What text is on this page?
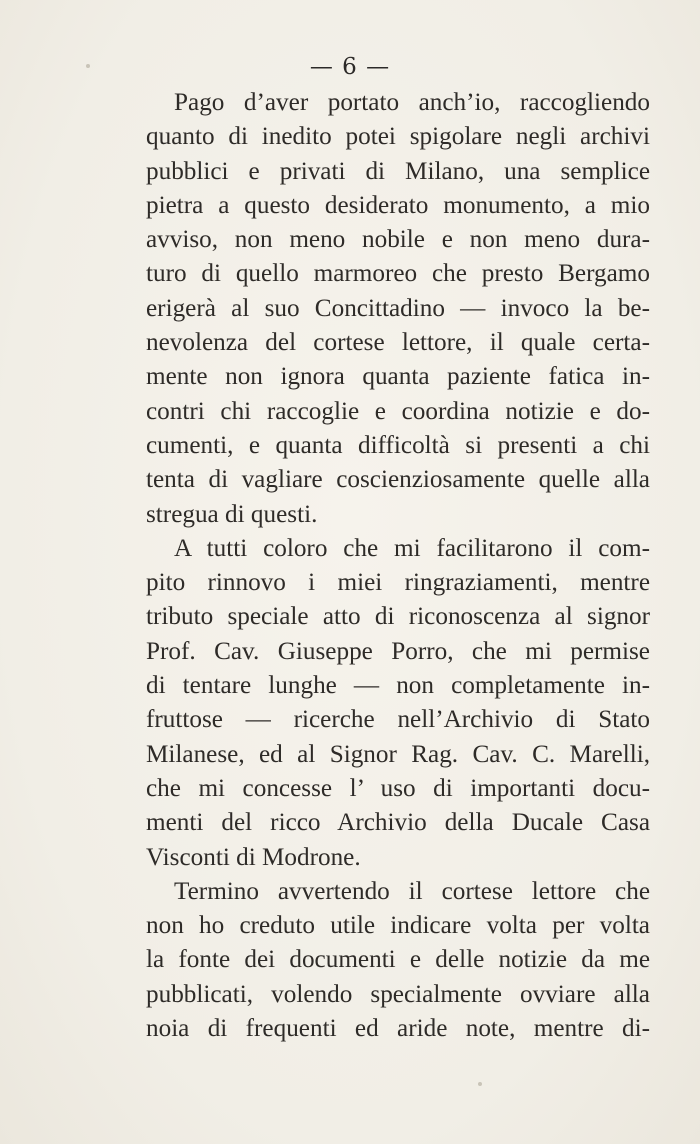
— 6 —
Pago d’aver portato anch’io, raccogliendo
quanto di inedito potei spigolare negli archivi
pubblici e privati di Milano, una semplice
pietra a questo desiderato monumento, a mio
avviso, non meno nobile e non meno dura-
turo di quello marmoreo che presto Bergamo
erigerà al suo Concittadino — invoco la be-
nevolenza del cortese lettore, il quale certa-
mente non ignora quanta paziente fatica in-
contri chi raccoglie e coordina notizie e do-
cumenti, e quanta difficoltà si presenti a chi
tenta di vagliare coscienziosamente quelle alla
stregua di questi.
A tutti coloro che mi facilitarono il com-
pito rinnovo i miei ringraziamenti, mentre
tributo speciale atto di riconoscenza al signor
Prof. Cav. Giuseppe Porro, che mi permise
di tentare lunghe — non completamente in-
fruttose — ricerche nell’Archivio di Stato
Milanese, ed al Signor Rag. Cav. C. Marelli,
che mi concesse l’ uso di importanti docu-
menti del ricco Archivio della Ducale Casa
Visconti di Modrone.
Termino avvertendo il cortese lettore che
non ho creduto utile indicare volta per volta
la fonte dei documenti e delle notizie da me
pubblicati, volendo specialmente ovviare alla
noia di frequenti ed aride note, mentre di-
